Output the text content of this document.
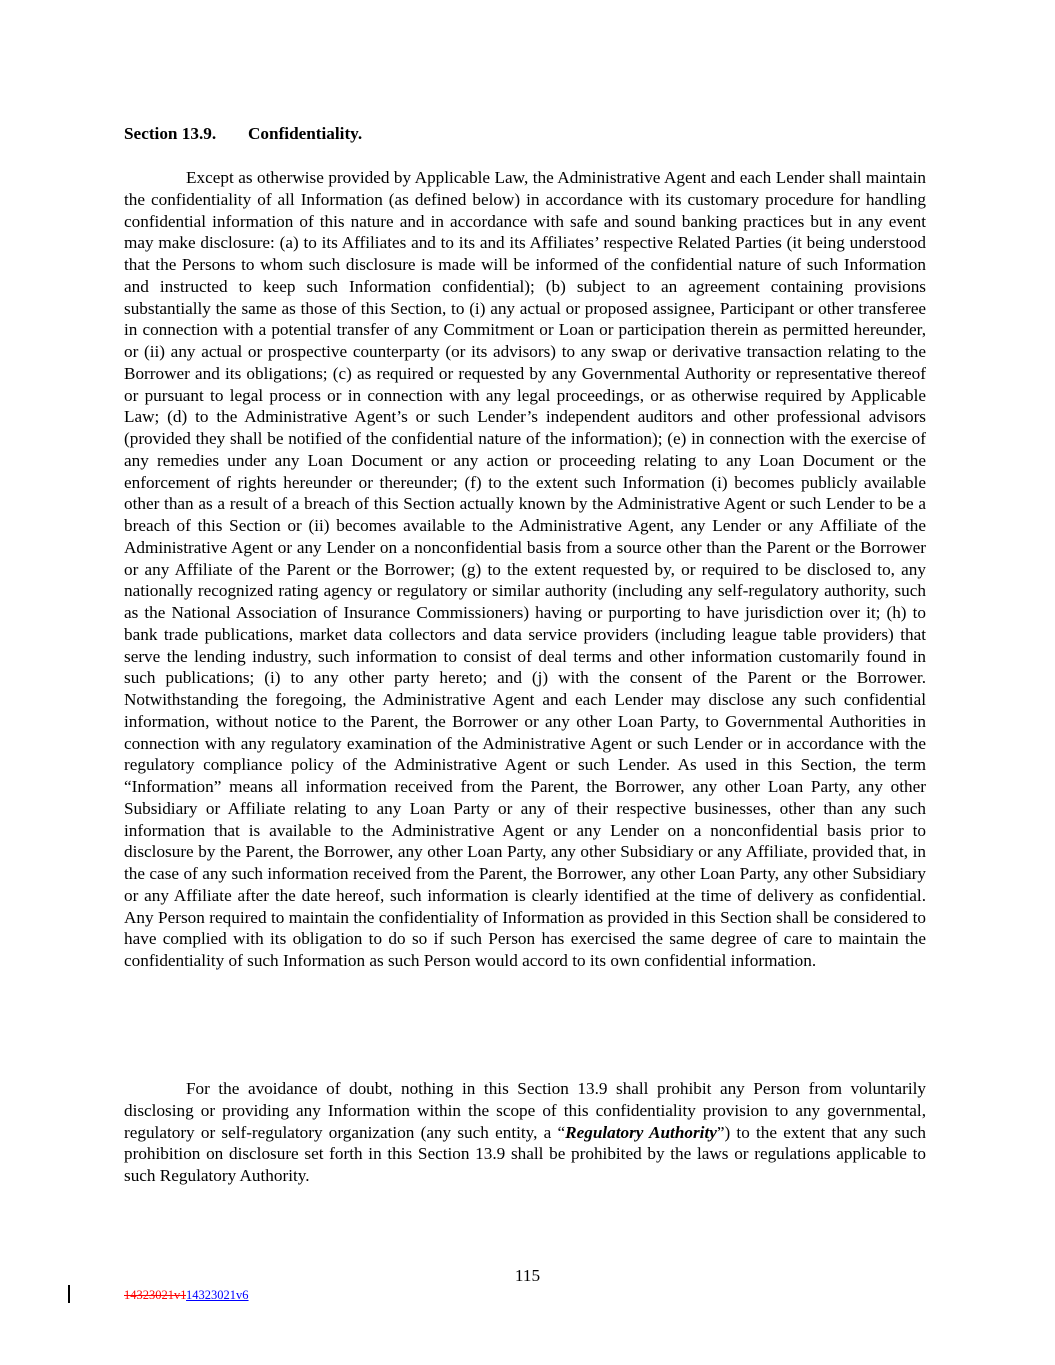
Section 13.9. Confidentiality.

Except as otherwise provided by Applicable Law, the Administrative Agent and each Lender shall maintain the confidentiality of all Information (as defined below) in accordance with its customary procedure for handling confidential information of this nature and in accordance with safe and sound banking practices but in any event may make disclosure: (a) to its Affiliates and to its and its Affiliates’ respective Related Parties (it being understood that the Persons to whom such disclosure is made will be informed of the confidential nature of such Information and instructed to keep such Information confidential); (b) subject to an agreement containing provisions substantially the same as those of this Section, to (i) any actual or proposed assignee, Participant or other transferee in connection with a potential transfer of any Commitment or Loan or participation therein as permitted hereunder, or (ii) any actual or prospective counterparty (or its advisors) to any swap or derivative transaction relating to the Borrower and its obligations; (c) as required or requested by any Governmental Authority or representative thereof or pursuant to legal process or in connection with any legal proceedings, or as otherwise required by Applicable Law; (d) to the Administrative Agent’s or such Lender’s independent auditors and other professional advisors (provided they shall be notified of the confidential nature of the information); (e) in connection with the exercise of any remedies under any Loan Document or any action or proceeding relating to any Loan Document or the enforcement of rights hereunder or thereunder; (f) to the extent such Information (i) becomes publicly available other than as a result of a breach of this Section actually known by the Administrative Agent or such Lender to be a breach of this Section or (ii) becomes available to the Administrative Agent, any Lender or any Affiliate of the Administrative Agent or any Lender on a nonconfidential basis from a source other than the Parent or the Borrower or any Affiliate of the Parent or the Borrower; (g) to the extent requested by, or required to be disclosed to, any nationally recognized rating agency or regulatory or similar authority (including any self-regulatory authority, such as the National Association of Insurance Commissioners) having or purporting to have jurisdiction over it; (h) to bank trade publications, market data collectors and data service providers (including league table providers) that serve the lending industry, such information to consist of deal terms and other information customarily found in such publications; (i) to any other party hereto; and (j) with the consent of the Parent or the Borrower. Notwithstanding the foregoing, the Administrative Agent and each Lender may disclose any such confidential information, without notice to the Parent, the Borrower or any other Loan Party, to Governmental Authorities in connection with any regulatory examination of the Administrative Agent or such Lender or in accordance with the regulatory compliance policy of the Administrative Agent or such Lender. As used in this Section, the term “Information” means all information received from the Parent, the Borrower, any other Loan Party, any other Subsidiary or Affiliate relating to any Loan Party or any of their respective businesses, other than any such information that is available to the Administrative Agent or any Lender on a nonconfidential basis prior to disclosure by the Parent, the Borrower, any other Loan Party, any other Subsidiary or any Affiliate, provided that, in the case of any such information received from the Parent, the Borrower, any other Loan Party, any other Subsidiary or any Affiliate after the date hereof, such information is clearly identified at the time of delivery as confidential. Any Person required to maintain the confidentiality of Information as provided in this Section shall be considered to have complied with its obligation to do so if such Person has exercised the same degree of care to maintain the confidentiality of such Information as such Person would accord to its own confidential information.

For the avoidance of doubt, nothing in this Section 13.9 shall prohibit any Person from voluntarily disclosing or providing any Information within the scope of this confidentiality provision to any governmental, regulatory or self-regulatory organization (any such entity, a “Regulatory Authority”) to the extent that any such prohibition on disclosure set forth in this Section 13.9 shall be prohibited by the laws or regulations applicable to such Regulatory Authority.

115
14323021v114323021v6
